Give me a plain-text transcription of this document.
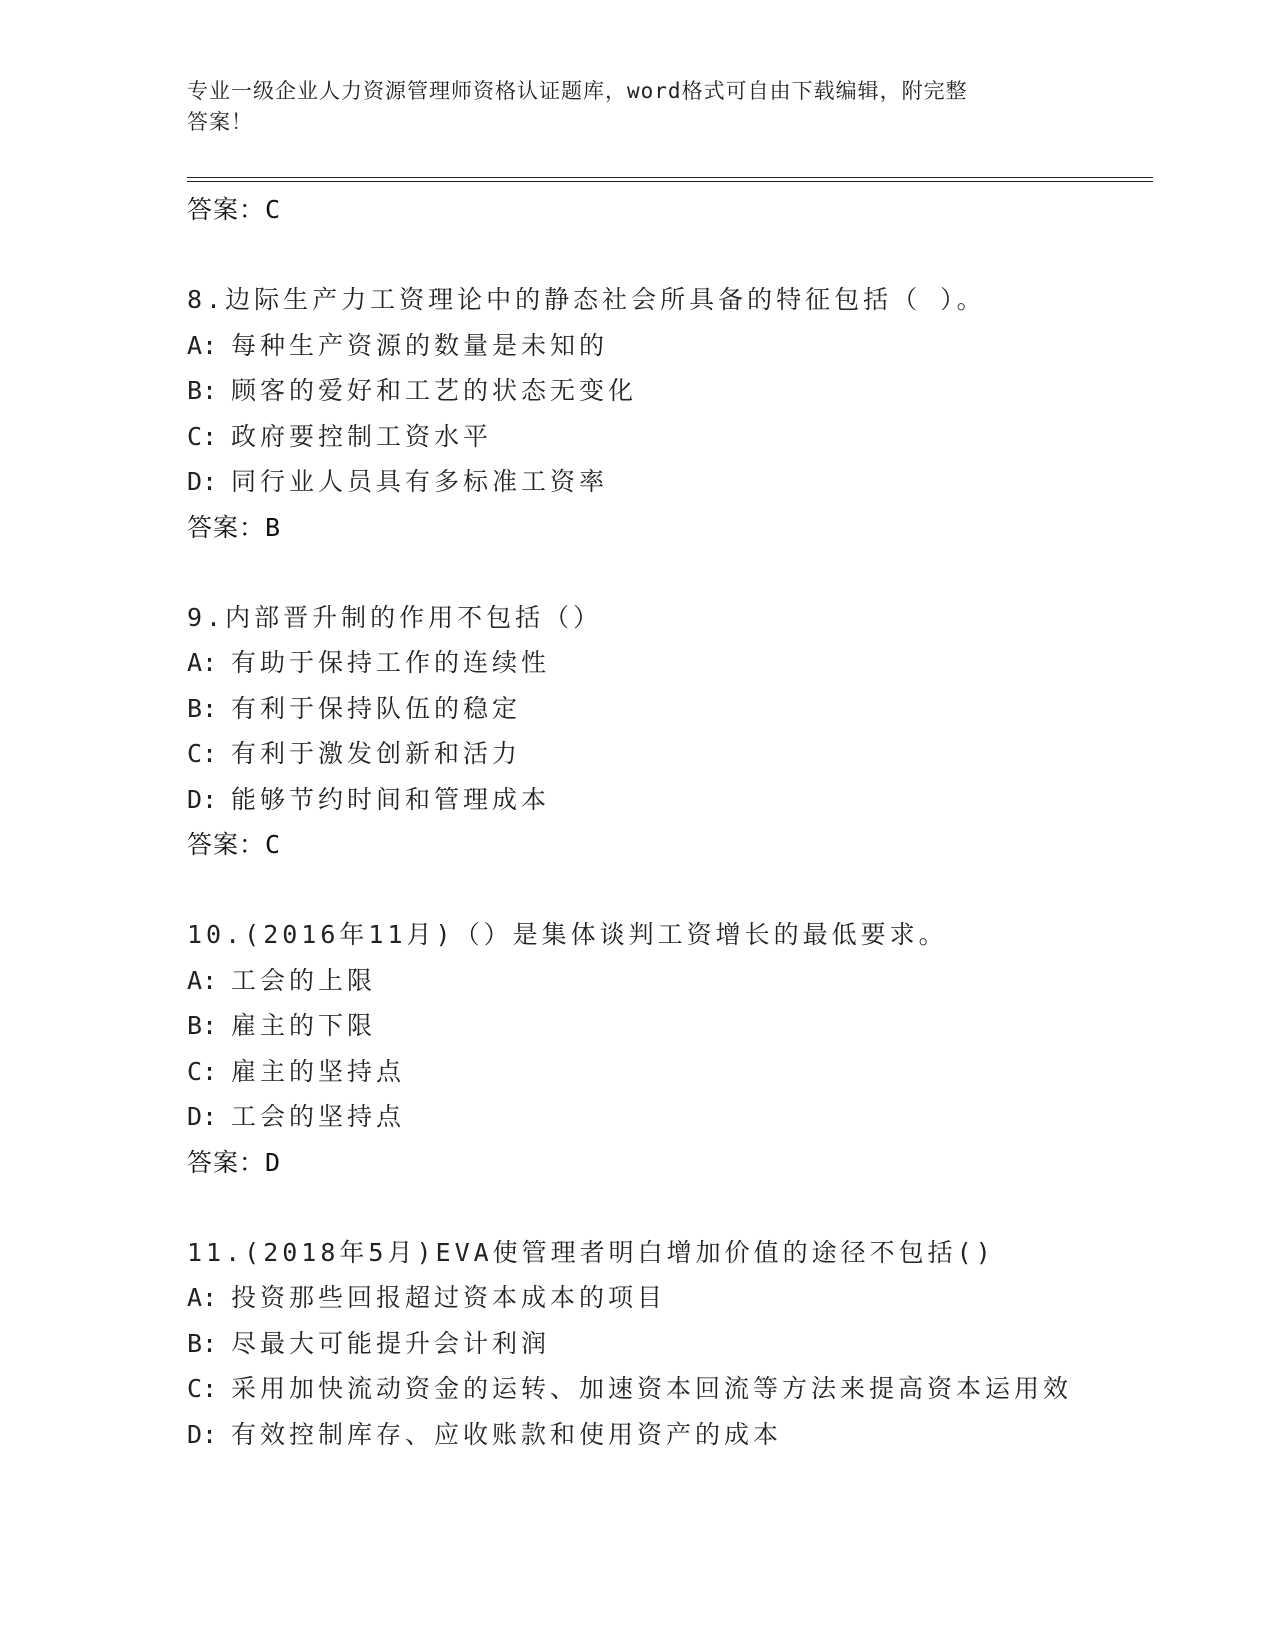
专业一级企业人力资源管理师资格认证题库，word格式可自由下载编辑，附完整
答案！
答案：C
8.边际生产力工资理论中的静态社会所具备的特征包括（ ）。
A: 每种生产资源的数量是未知的
B: 顾客的爱好和工艺的状态无变化
C: 政府要控制工资水平
D: 同行业人员具有多标准工资率
答案：B
9.内部晋升制的作用不包括（）
A: 有助于保持工作的连续性
B: 有利于保持队伍的稳定
C: 有利于激发创新和活力
D: 能够节约时间和管理成本
答案：C
10.(2016年11月)（）是集体谈判工资增长的最低要求。
A: 工会的上限
B: 雇主的下限
C: 雇主的坚持点
D: 工会的坚持点
答案：D
11.(2018年5月)EVA使管理者明白增加价值的途径不包括()
A: 投资那些回报超过资本成本的项目
B: 尽最大可能提升会计利润
C: 采用加快流动资金的运转、加速资本回流等方法来提高资本运用效
D: 有效控制库存、应收账款和使用资产的成本
